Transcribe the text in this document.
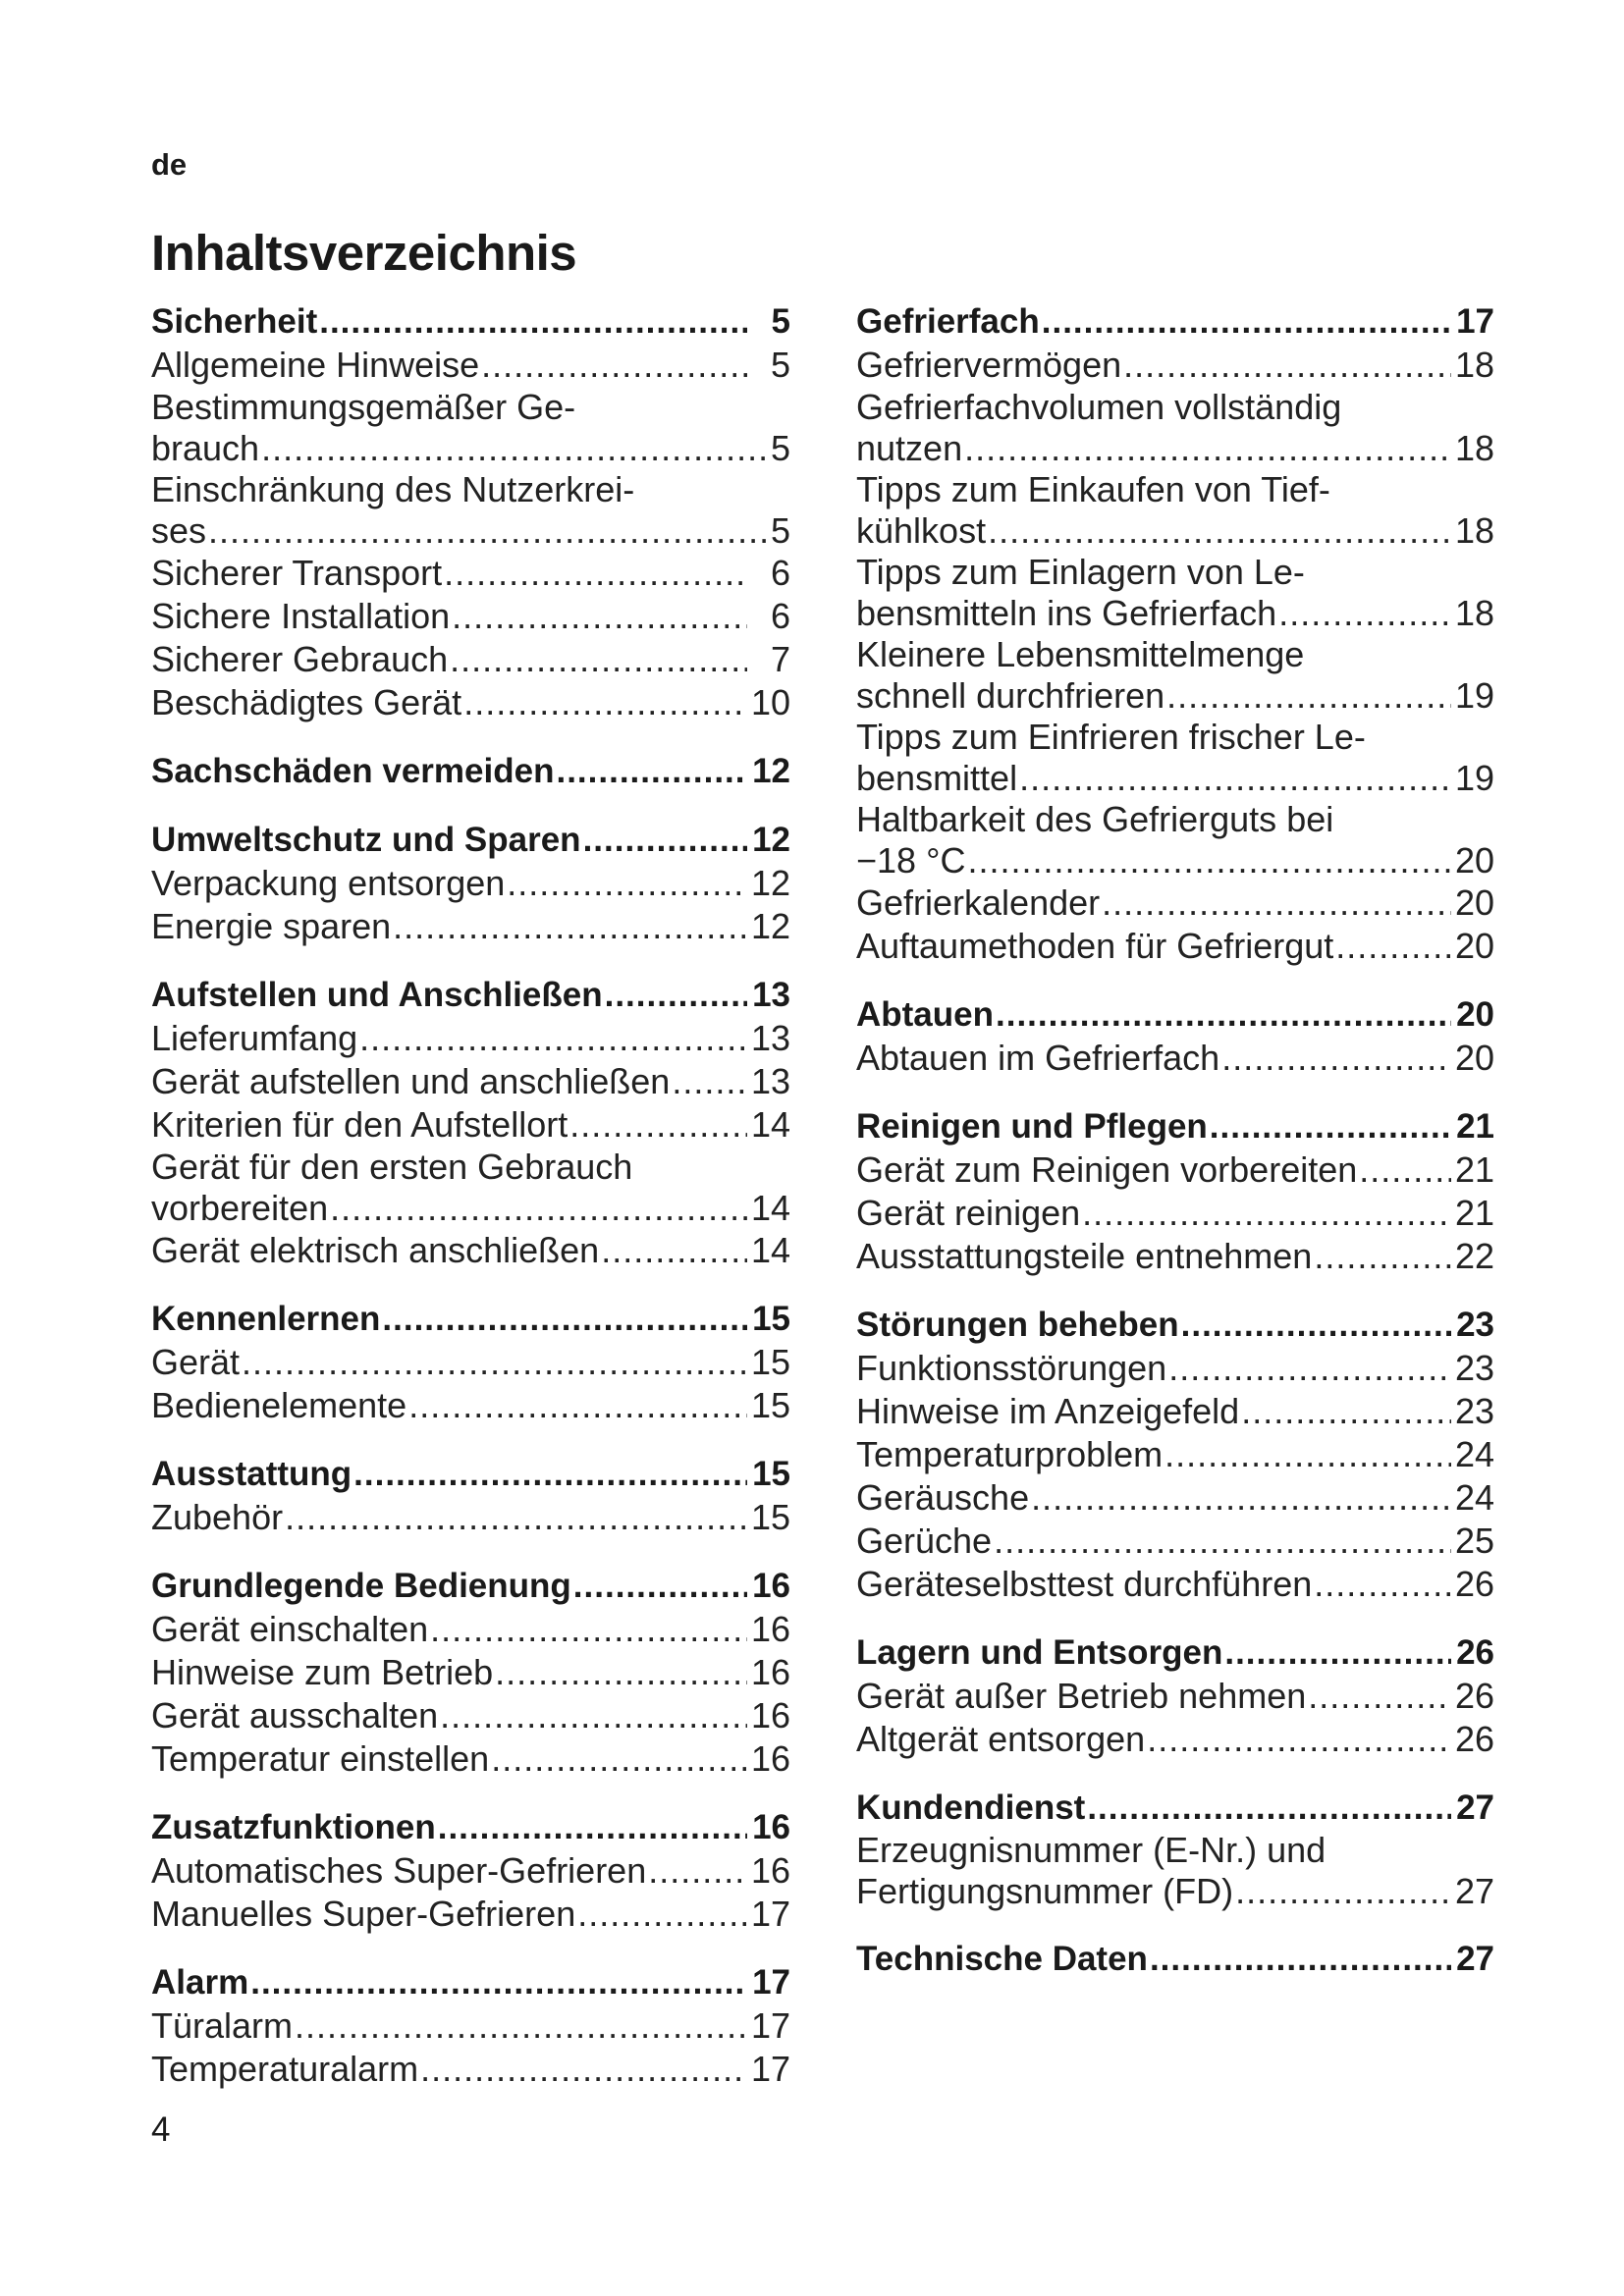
de
Inhaltsverzeichnis
Sicherheit .....	5
Allgemeine Hinweise .....	5
Bestimmungsgemäßer Ge-
brauch .....	5
Einschränkung des Nutzerkrei-
ses .....	5
Sicherer Transport .....	6
Sichere Installation .....	6
Sicherer Gebrauch .....	7
Beschädigtes Gerät .....	10
Sachschäden vermeiden .....	12
Umweltschutz und Sparen .....	12
Verpackung entsorgen .....	12
Energie sparen .....	12
Aufstellen und Anschließen .....	13
Lieferumfang .....	13
Gerät aufstellen und anschließen ..... 13
Kriterien für den Aufstellort .....	14
Gerät für den ersten Gebrauch
vorbereiten .....	14
Gerät elektrisch anschließen .....	14
Kennenlernen .....	15
Gerät .....	15
Bedienelemente .....	15
Ausstattung .....	15
Zubehör .....	15
Grundlegende Bedienung .....	16
Gerät einschalten .....	16
Hinweise zum Betrieb .....	16
Gerät ausschalten .....	16
Temperatur einstellen .....	16
Zusatzfunktionen .....	16
Automatisches Super-Gefrieren .....	16
Manuelles Super-Gefrieren .....	17
Alarm .....	17
Türalarm .....	17
Temperaturalarm .....	17
Gefrierfach .....	17
Gefriervermögen .....	18
Gefrierfachvolumen vollständig
nutzen .....	18
Tipps zum Einkaufen von Tief-
kühlkost .....	18
Tipps zum Einlagern von Le-
bensmitteln ins Gefrierfach .....	18
Kleinere Lebensmittelmenge
schnell durchfrieren .....	19
Tipps zum Einfrieren frischer Le-
bensmittel .....	19
Haltbarkeit des Gefrierguts bei
−18 °C .....	20
Gefrierkalender .....	20
Auftaumethoden für Gefriergut .....	20
Abtauen .....	20
Abtauen im Gefrierfach .....	20
Reinigen und Pflegen .....	21
Gerät zum Reinigen vorbereiten .....	21
Gerät reinigen .....	21
Ausstattungsteile entnehmen .....	22
Störungen beheben .....	23
Funktionsstörungen .....	23
Hinweise im Anzeigefeld .....	23
Temperaturproblem .....	24
Geräusche .....	24
Gerüche .....	25
Geräteselbsttest durchführen .....	26
Lagern und Entsorgen .....	26
Gerät außer Betrieb nehmen .....	26
Altgerät entsorgen .....	26
Kundendienst .....	27
Erzeugnisnummer (E-Nr.) und
Fertigungsnummer (FD) .....	27
Technische Daten .....	27
4
